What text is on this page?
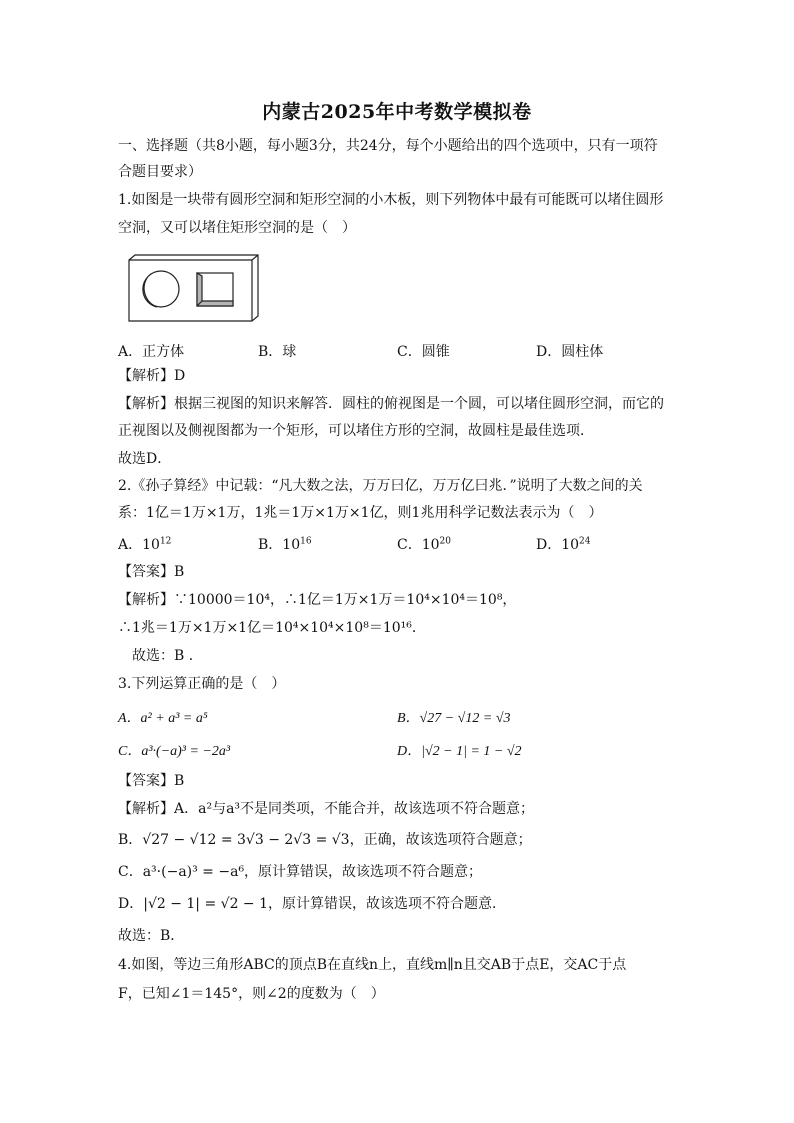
内蒙古2025年中考数学模拟卷
一、选择题（共8小题，每小题3分，共24分，每个小题给出的四个选项中，只有一项符
合题目要求）
1.如图是一块带有圆形空洞和矩形空洞的小木板，则下列物体中最有可能既可以堵住圆形
空洞，又可以堵住矩形空洞的是（　）
A．正方体	B．球	C．圆锥	D．圆柱体
【解析】D
【解析】根据三视图的知识来解答．圆柱的俯视图是一个圆，可以堵住圆形空洞，而它的
正视图以及侧视图都为一个矩形，可以堵住方形的空洞，故圆柱是最佳选项．
故选D．
2.《孙子算经》中记载：“凡大数之法，万万曰亿，万万亿曰兆．”说明了大数之间的关
系：1亿＝1万×1万，1兆＝1万×1万×1亿，则1兆用科学记数法表示为（　）
A．$10^{12}$	B．$10^{16}$	C．$10^{20}$	D．$10^{24}$
【答案】B
【解析】∵10000＝10⁴，∴1亿＝1万×1万＝10⁴×10⁴＝10⁸，
∴1兆＝1万×1万×1亿＝10⁴×10⁴×10⁸＝10¹⁶．
故选：B ．
3.下列运算正确的是（　）
A．a² + a³ = a⁵	B．√27 − √12 = √3
C．a³·(−a)³ = −2a³	D．|√2 − 1| = 1 − √2
【答案】B
【解析】A．a²与a³不是同类项，不能合并，故该选项不符合题意；
B．√27 − √12 = 3√3 − 2√3 = √3，正确，故该选项符合题意；
C．a³·(−a)³ = −a⁶，原计算错误，故该选项不符合题意；
D．|√2 − 1| = √2 − 1，原计算错误，故该选项不符合题意．
故选：B．
4.如图，等边三角形ABC的顶点B在直线n上，直线m∥n且交AB于点E，交AC于点
F，已知∠1＝145°，则∠2的度数为（　）
